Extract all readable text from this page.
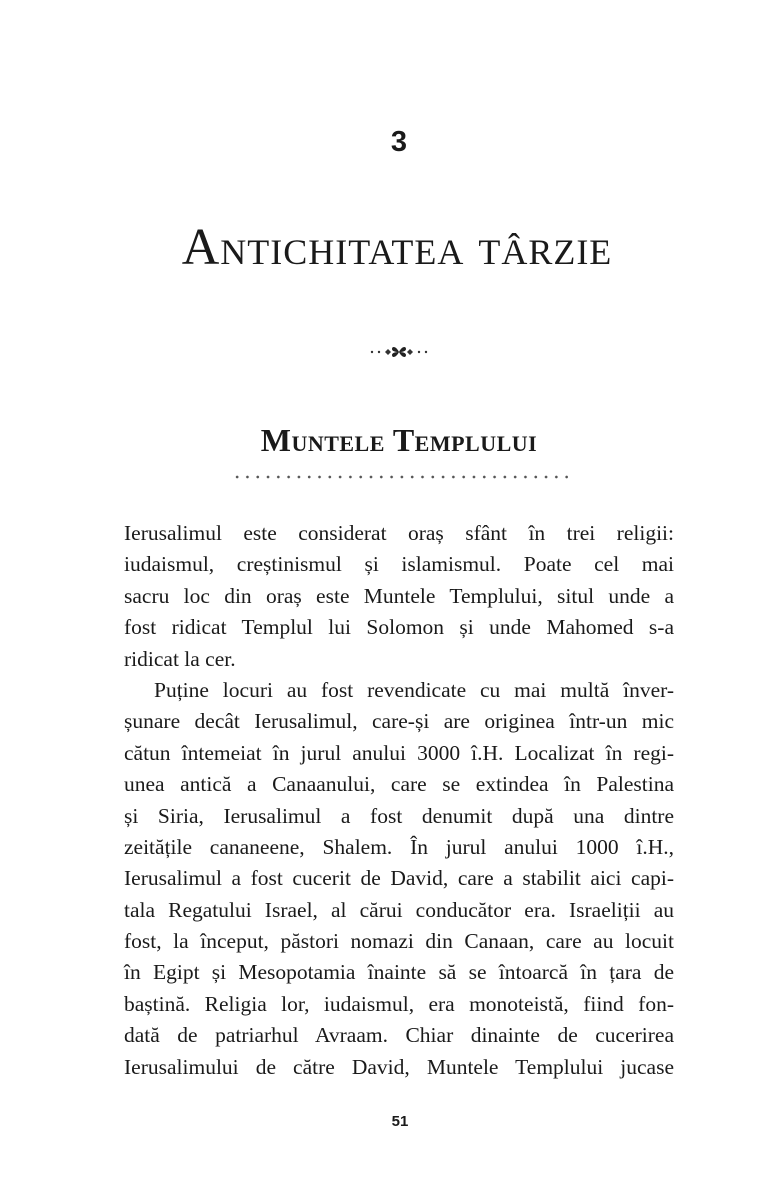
3
Antichitatea târzie
Muntele Templului
Ierusalimul este considerat oraș sfânt în trei religii:
iudaismul, creștinismul și islamismul. Poate cel mai
sacru loc din oraș este Muntele Templului, situl unde a
fost ridicat Templul lui Solomon și unde Mahomed s-a
ridicat la cer.
Puține locuri au fost revendicate cu mai multă înver-
șunare decât Ierusalimul, care-și are originea într-un mic
cătun întemeiat în jurul anului 3000 î.H. Localizat în regi-
unea antică a Canaanului, care se extindea în Palestina
și Siria, Ierusalimul a fost denumit după una dintre
zeitățile cananeene, Shalem. În jurul anului 1000 î.H.,
Ierusalimul a fost cucerit de David, care a stabilit aici capi-
tala Regatului Israel, al cărui conducător era. Israeliții au
fost, la început, păstori nomazi din Canaan, care au locuit
în Egipt și Mesopotamia înainte să se întoarcă în țara de
baștină. Religia lor, iudaismul, era monoteistă, fiind fon-
dată de patriarhul Avraam. Chiar dinainte de cucerirea
Ierusalimului de către David, Muntele Templului jucase
51
